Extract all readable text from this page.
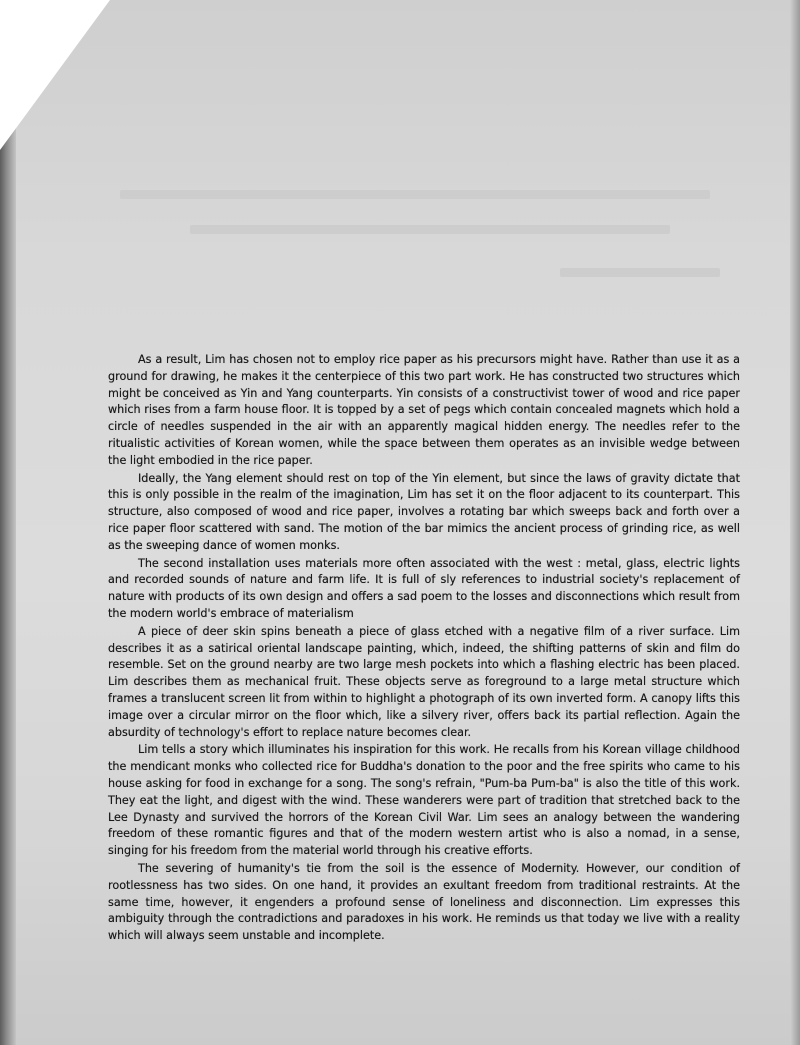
As a result, Lim has chosen not to employ rice paper as his precursors might have. Rather than use it as a ground for drawing, he makes it the centerpiece of this two part work. He has constructed two structures which might be conceived as Yin and Yang counterparts. Yin consists of a constructivist tower of wood and rice paper which rises from a farm house floor. It is topped by a set of pegs which contain concealed magnets which hold a circle of needles suspended in the air with an apparently magical hidden energy. The needles refer to the ritualistic activities of Korean women, while the space between them operates as an invisible wedge between the light embodied in the rice paper.

Ideally, the Yang element should rest on top of the Yin element, but since the laws of gravity dictate that this is only possible in the realm of the imagination, Lim has set it on the floor adjacent to its counterpart. This structure, also composed of wood and rice paper, involves a rotating bar which sweeps back and forth over a rice paper floor scattered with sand. The motion of the bar mimics the ancient process of grinding rice, as well as the sweeping dance of women monks.

The second installation uses materials more often associated with the west : metal, glass, electric lights and recorded sounds of nature and farm life. It is full of sly references to industrial society's replacement of nature with products of its own design and offers a sad poem to the losses and disconnections which result from the modern world's embrace of materialism

A piece of deer skin spins beneath a piece of glass etched with a negative film of a river surface. Lim describes it as a satirical oriental landscape painting, which, indeed, the shifting patterns of skin and film do resemble. Set on the ground nearby are two large mesh pockets into which a flashing electric has been placed. Lim describes them as mechanical fruit. These objects serve as foreground to a large metal structure which frames a translucent screen lit from within to highlight a photograph of its own inverted form. A canopy lifts this image over a circular mirror on the floor which, like a silvery river, offers back its partial reflection. Again the absurdity of technology's effort to replace nature becomes clear.

Lim tells a story which illuminates his inspiration for this work. He recalls from his Korean village childhood the mendicant monks who collected rice for Buddha's donation to the poor and the free spirits who came to his house asking for food in exchange for a song. The song's refrain, "Pum-ba Pum-ba" is also the title of this work. They eat the light, and digest with the wind. These wanderers were part of tradition that stretched back to the Lee Dynasty and survived the horrors of the Korean Civil War. Lim sees an analogy between the wandering freedom of these romantic figures and that of the modern western artist who is also a nomad, in a sense, singing for his freedom from the material world through his creative efforts.

The severing of humanity's tie from the soil is the essence of Modernity. However, our condition of rootlessness has two sides. On one hand, it provides an exultant freedom from traditional restraints. At the same time, however, it engenders a profound sense of loneliness and disconnection. Lim expresses this ambiguity through the contradictions and paradoxes in his work. He reminds us that today we live with a reality which will always seem unstable and incomplete.
